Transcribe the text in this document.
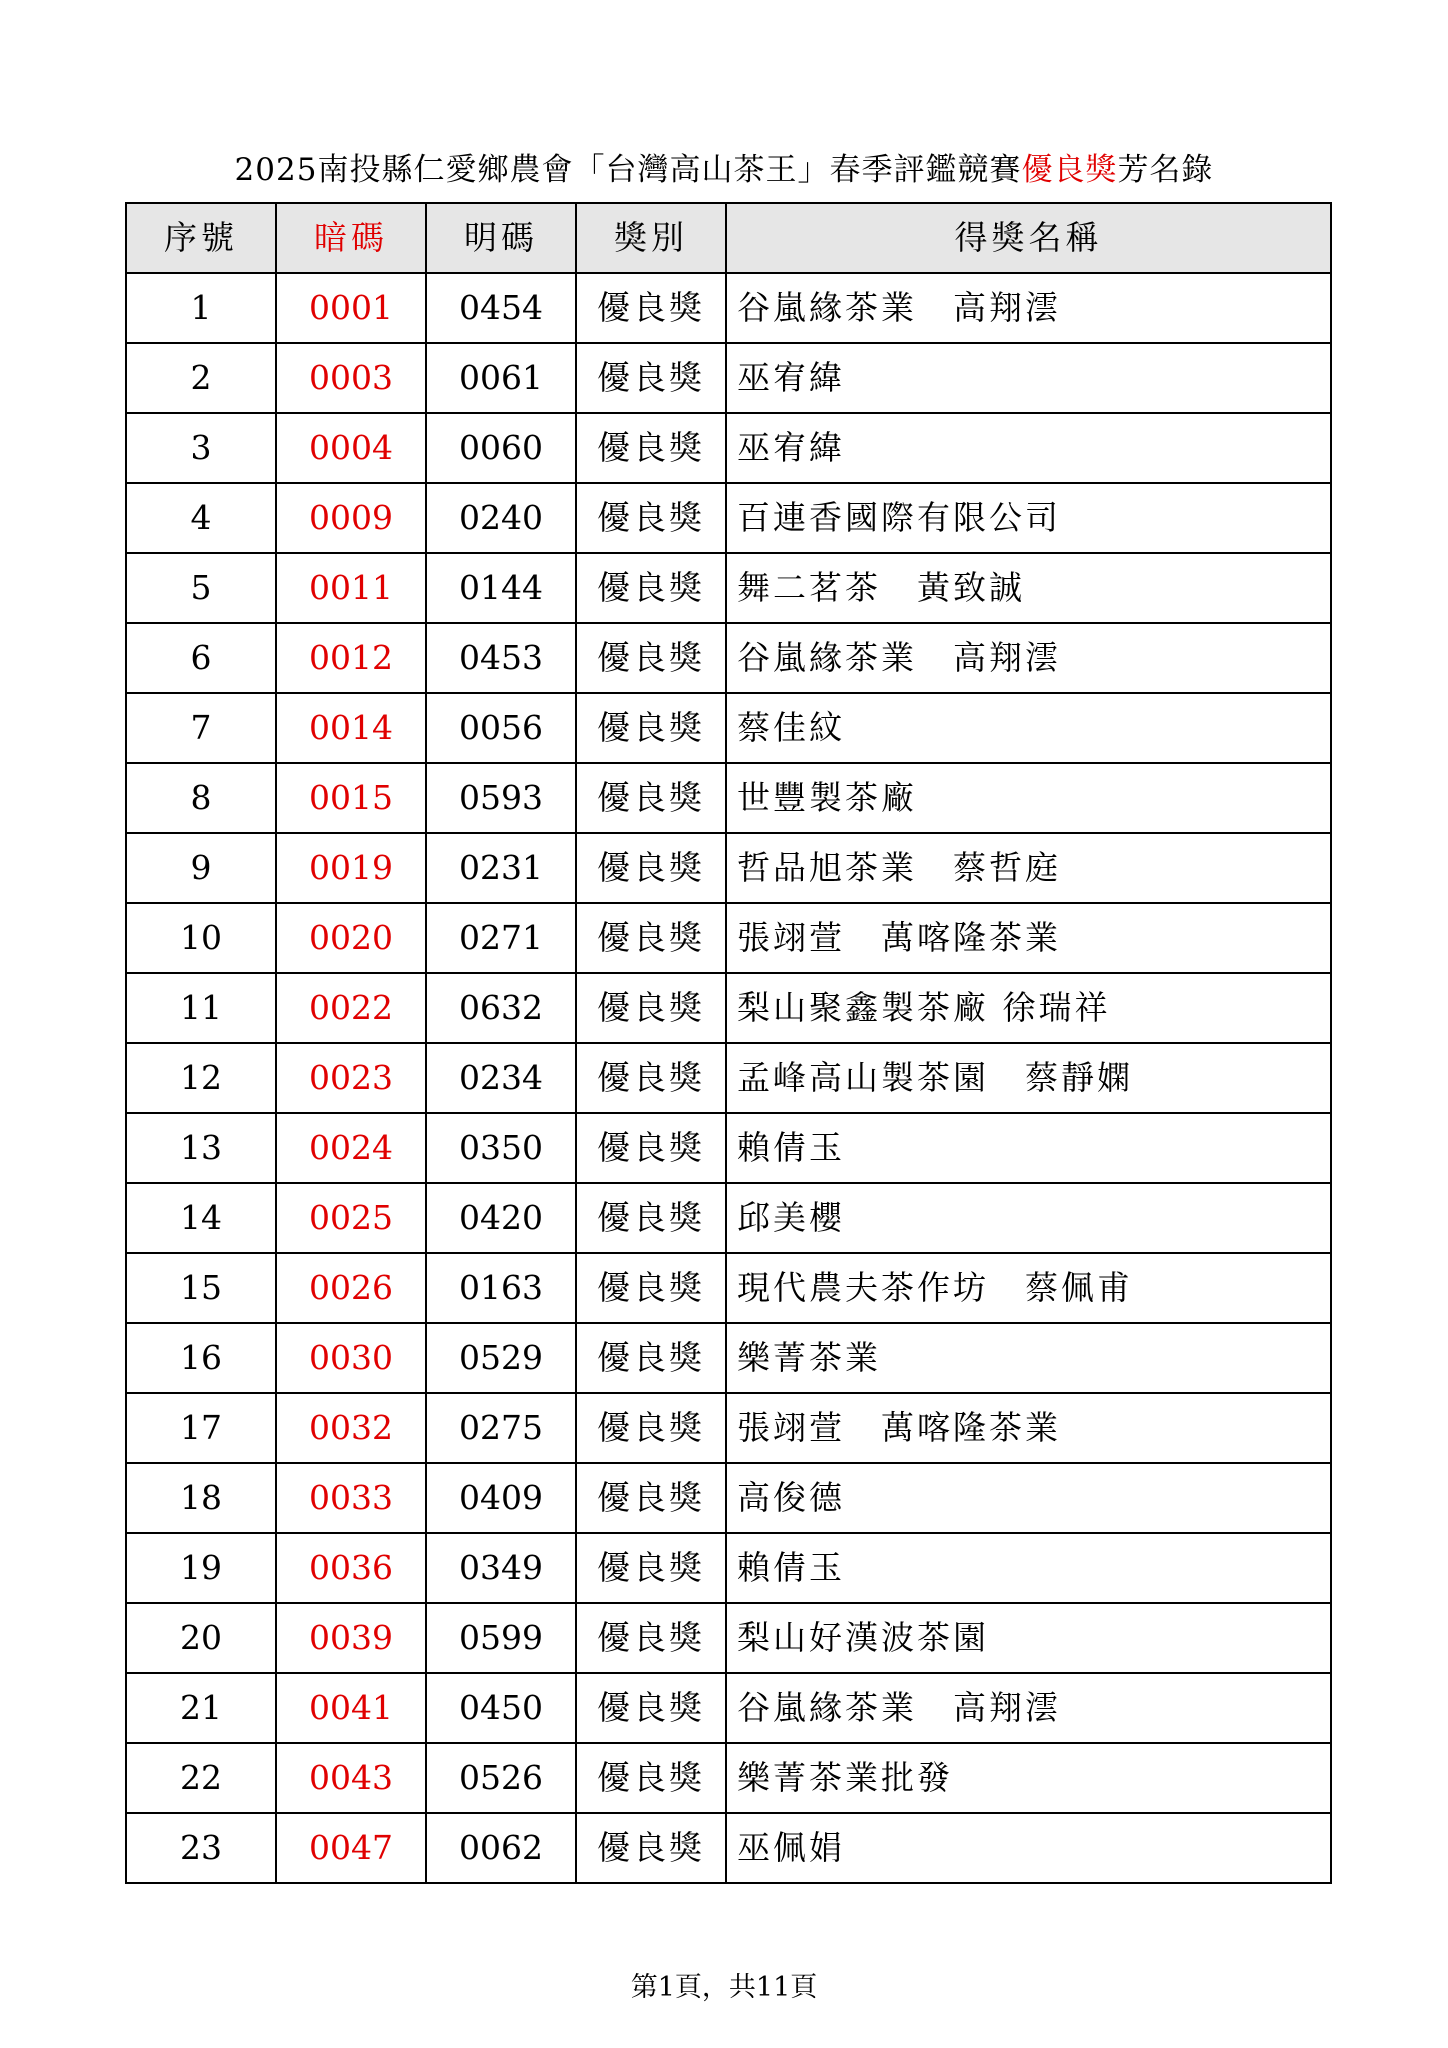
2025南投縣仁愛鄉農會「台灣高山茶王」春季評鑑競賽優良獎芳名錄
序號	暗碼	明碼	獎別	得獎名稱
1	0001	0454	優良獎	谷嵐緣茶業　高翔澐
2	0003	0061	優良獎	巫宥緯
3	0004	0060	優良獎	巫宥緯
4	0009	0240	優良獎	百連香國際有限公司
5	0011	0144	優良獎	舞二茗茶　黃致誠
6	0012	0453	優良獎	谷嵐緣茶業　高翔澐
7	0014	0056	優良獎	蔡佳紋
8	0015	0593	優良獎	世豐製茶廠
9	0019	0231	優良獎	哲品旭茶業　蔡哲庭
10	0020	0271	優良獎	張翊萱　萬喀隆茶業
11	0022	0632	優良獎	梨山聚鑫製茶廠 徐瑞祥
12	0023	0234	優良獎	孟峰高山製茶園　蔡靜嫻
13	0024	0350	優良獎	賴倩玉
14	0025	0420	優良獎	邱美櫻
15	0026	0163	優良獎	現代農夫茶作坊　蔡佩甫
16	0030	0529	優良獎	樂菁茶業
17	0032	0275	優良獎	張翊萱　萬喀隆茶業
18	0033	0409	優良獎	高俊德
19	0036	0349	優良獎	賴倩玉
20	0039	0599	優良獎	梨山好漢波茶園
21	0041	0450	優良獎	谷嵐緣茶業　高翔澐
22	0043	0526	優良獎	樂菁茶業批發
23	0047	0062	優良獎	巫佩娟
第1頁，共11頁
